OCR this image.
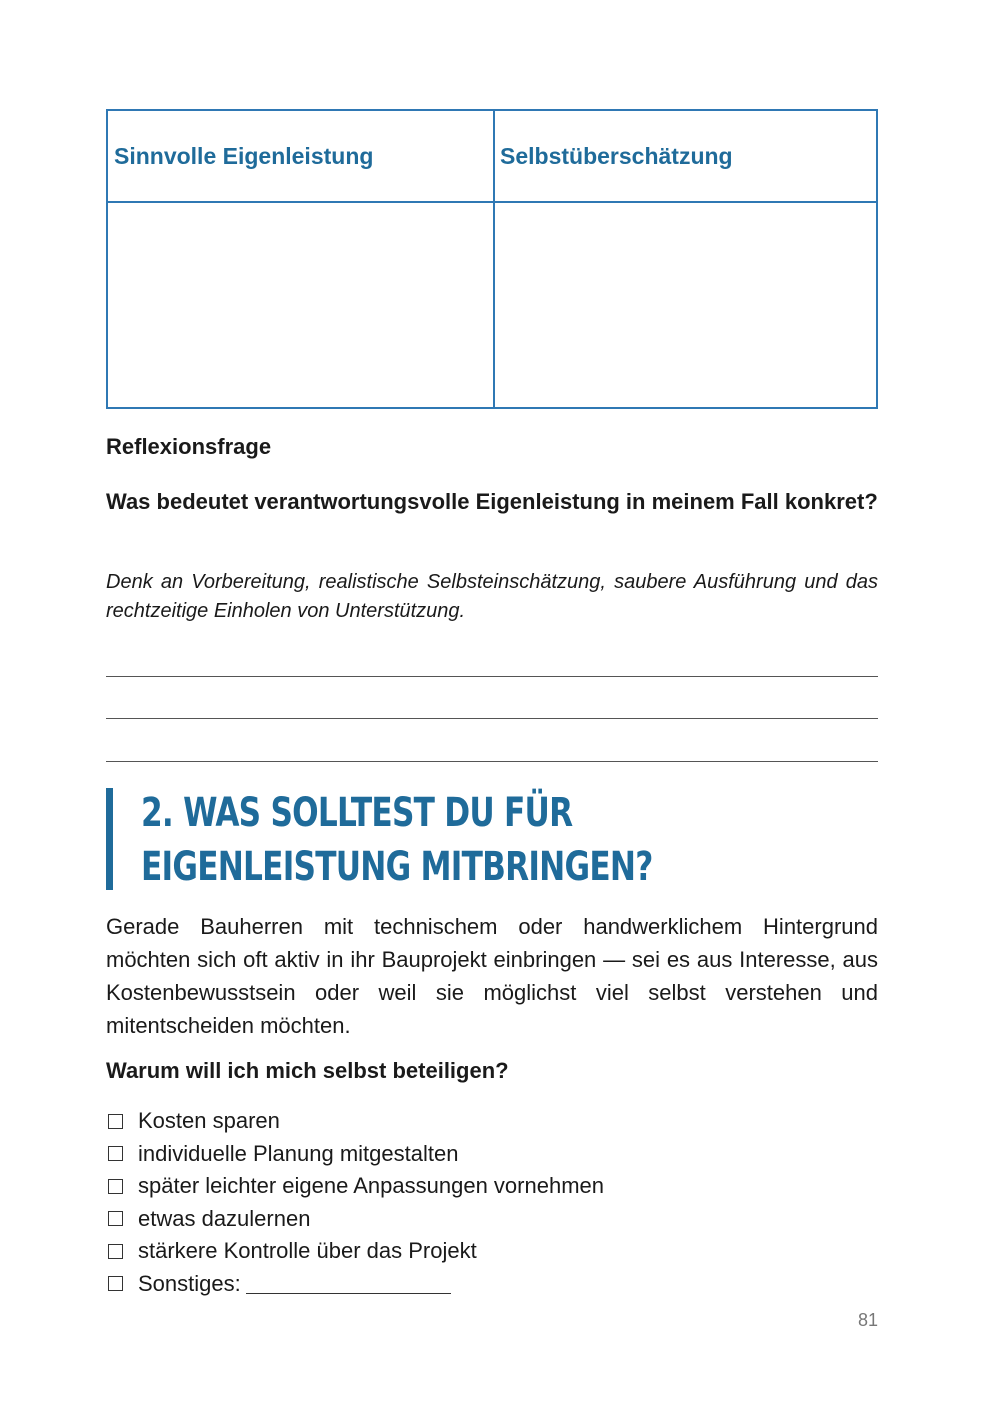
Sinnvolle Eigenleistung	Selbstüberschätzung
Reflexionsfrage
Was bedeutet verantwortungsvolle Eigenleistung in meinem Fall konkret?
Denk an Vorbereitung, realistische Selbsteinschätzung, saubere Ausführung und das rechtzeitige Einholen von Unterstützung.
2. WAS SOLLTEST DU FÜR EIGENLEISTUNG MITBRINGEN?
Gerade Bauherren mit technischem oder handwerklichem Hintergrund möchten sich oft aktiv in ihr Bauprojekt einbringen — sei es aus Interesse, aus Kostenbewusstsein oder weil sie möglichst viel selbst verstehen und mitentscheiden möchten.
Warum will ich mich selbst beteiligen?
Kosten sparen
individuelle Planung mitgestalten
später leichter eigene Anpassungen vornehmen
etwas dazulernen
stärkere Kontrolle über das Projekt
Sonstiges:
81
